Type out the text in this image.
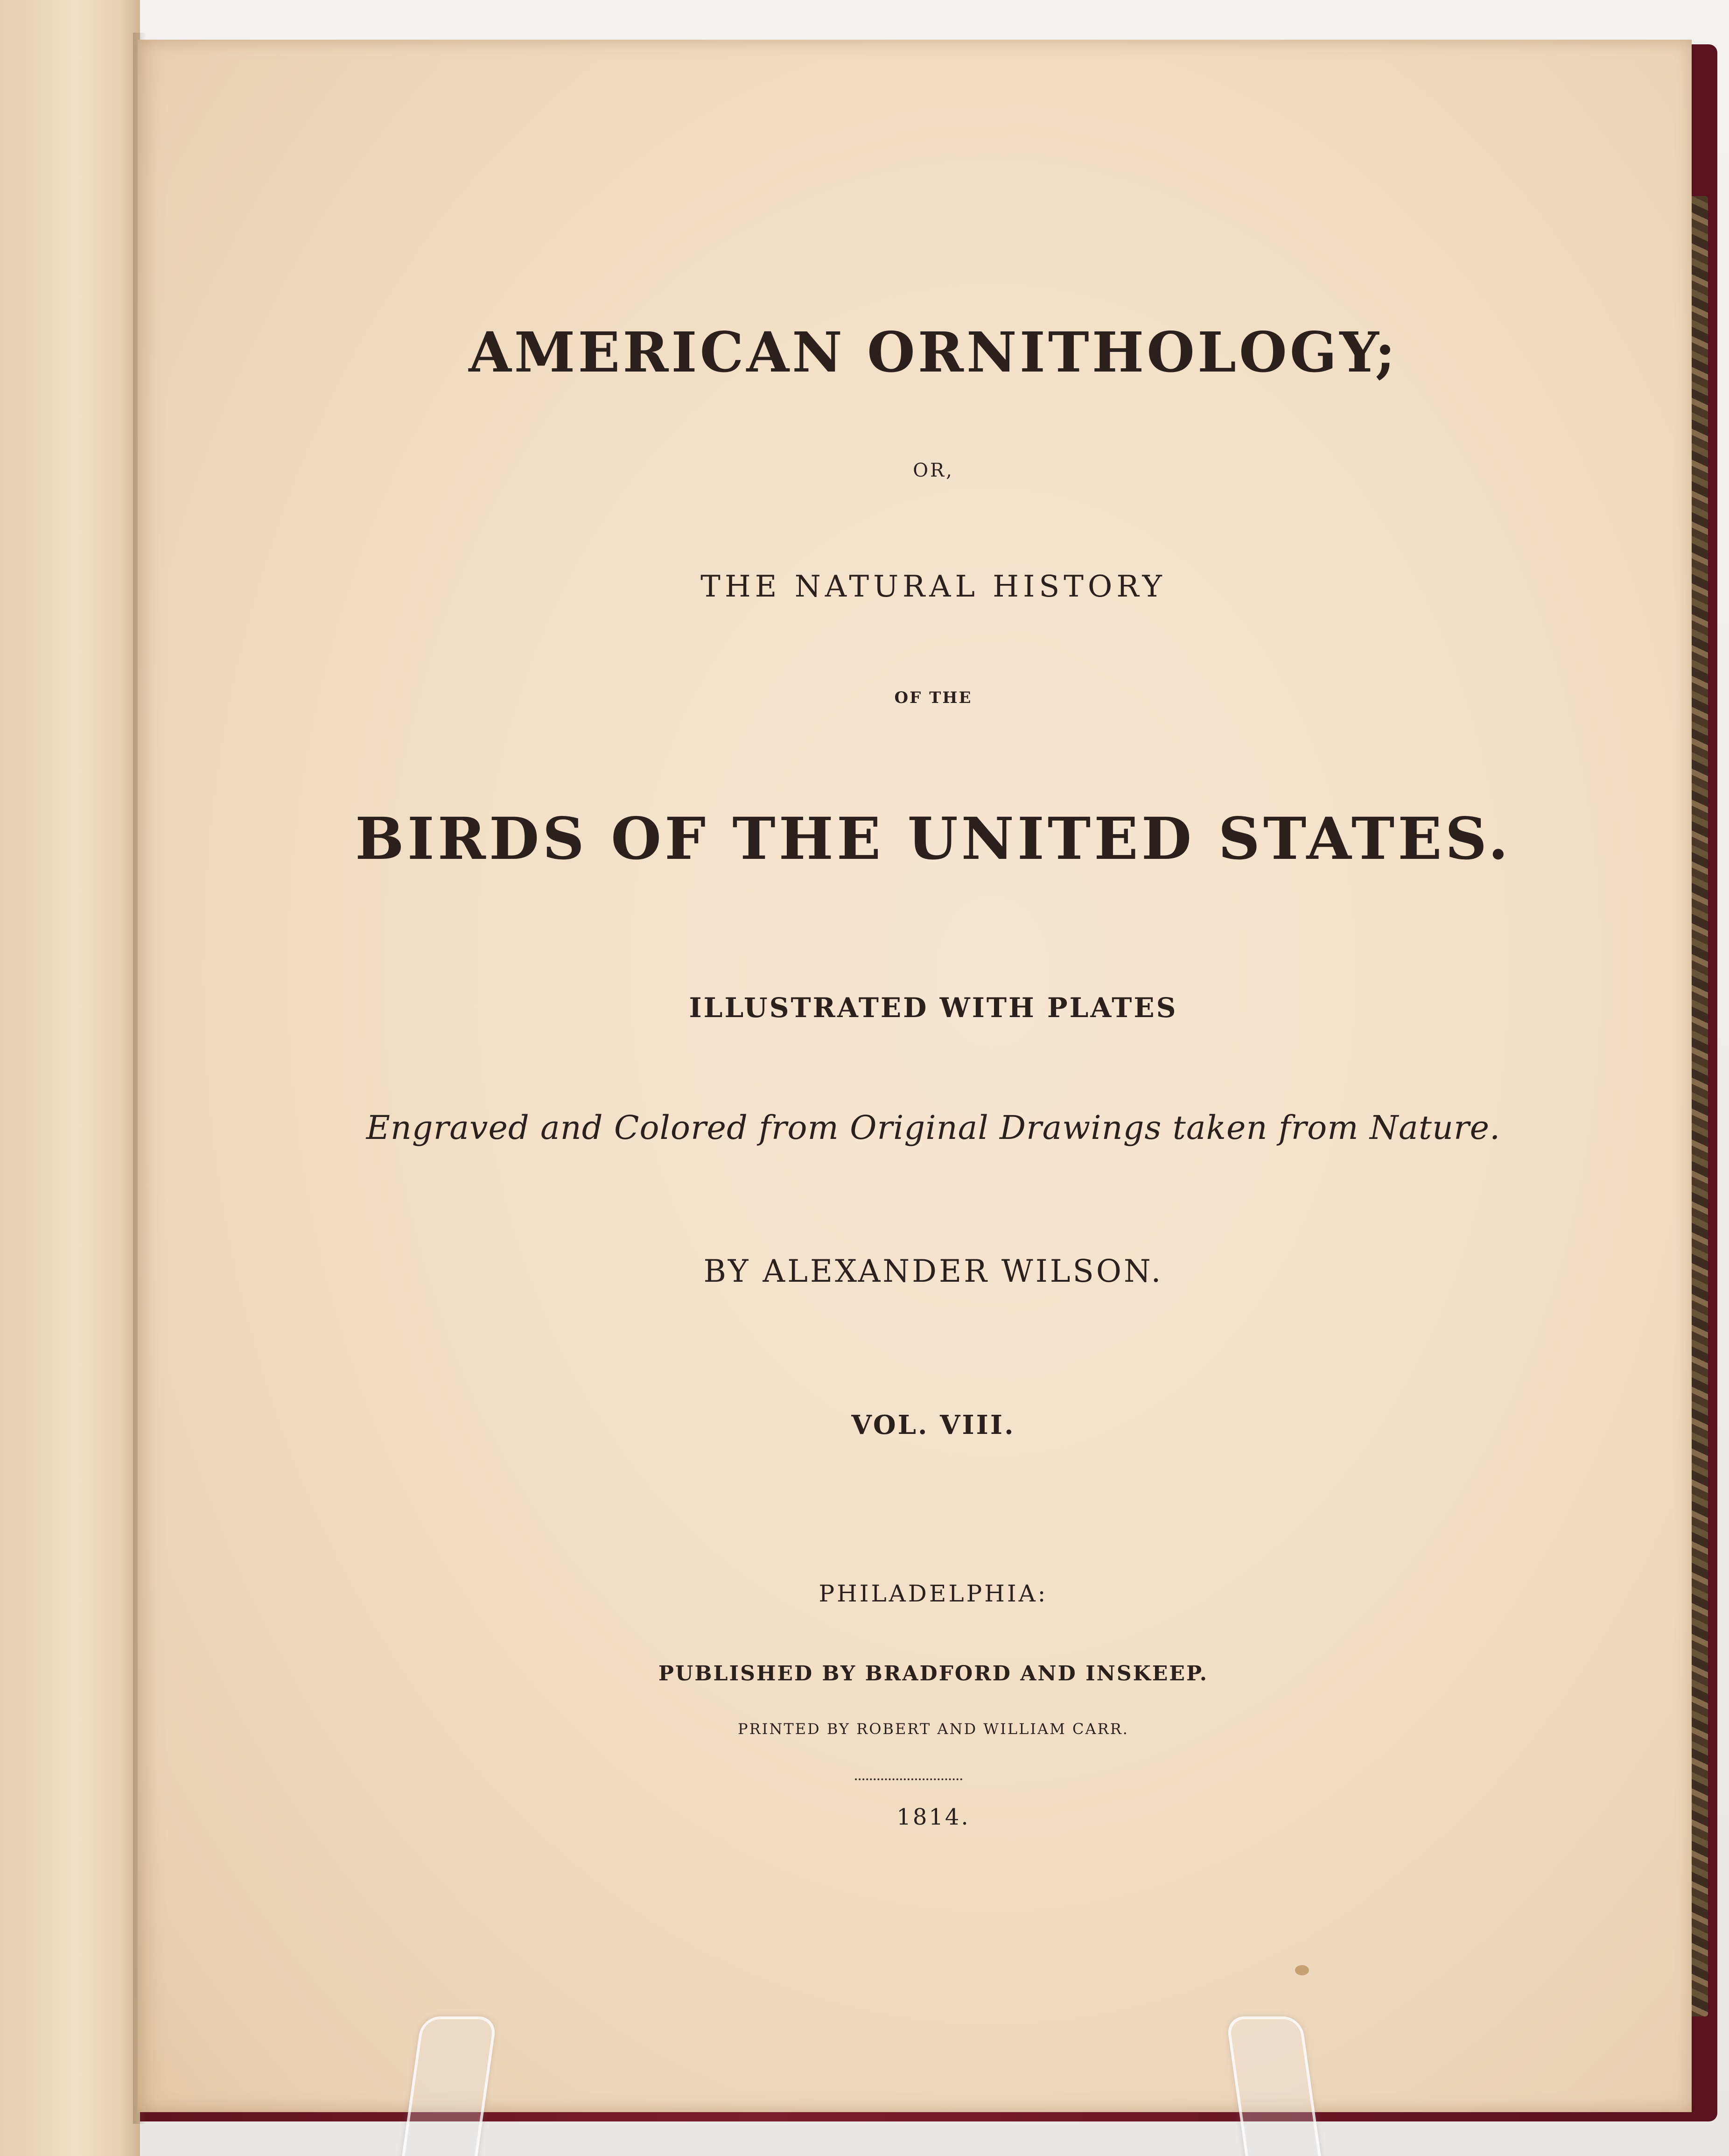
AMERICAN ORNITHOLOGY;
OR,
THE NATURAL HISTORY
OF THE
BIRDS OF THE UNITED STATES.
ILLUSTRATED WITH PLATES
Engraved and Colored from Original Drawings taken from Nature.
BY ALEXANDER WILSON.
VOL. VIII.
PHILADELPHIA:
PUBLISHED BY BRADFORD AND INSKEEP.
PRINTED BY ROBERT AND WILLIAM CARR.
1814.
